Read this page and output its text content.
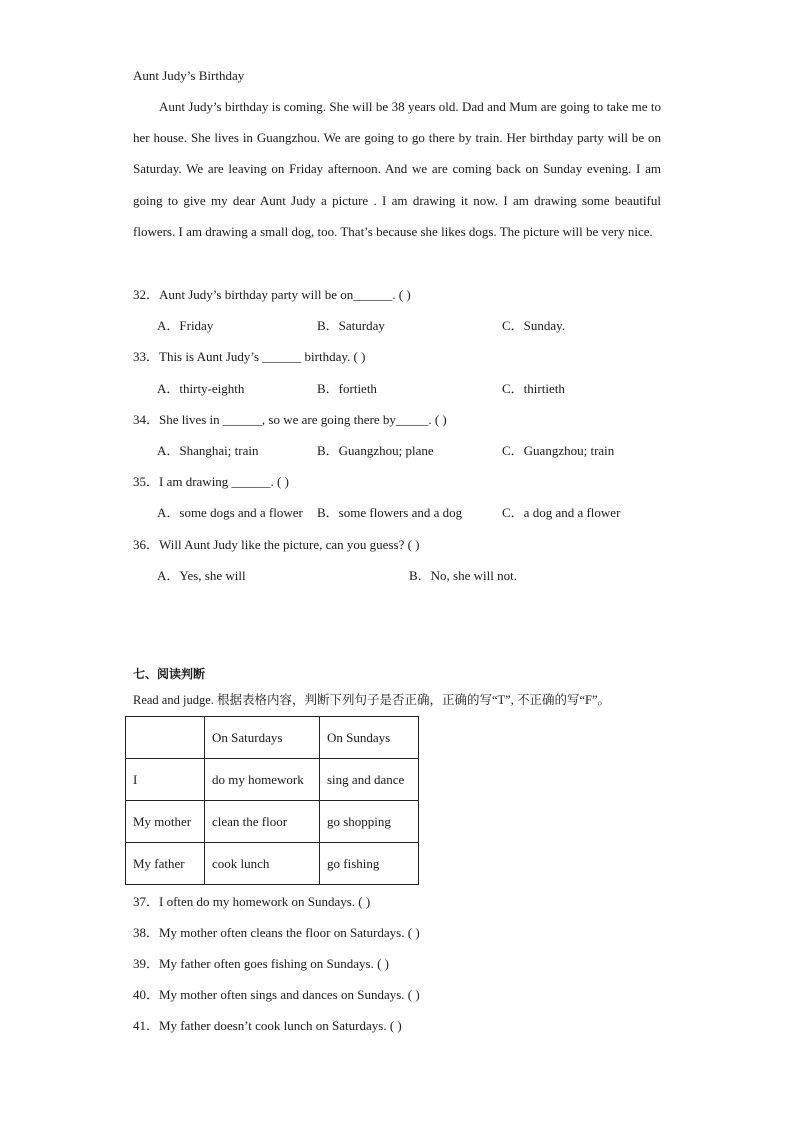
Aunt Judy’s Birthday
Aunt Judy’s birthday is coming. She will be 38 years old. Dad and Mum are going to take me to her house. She lives in Guangzhou. We are going to go there by train. Her birthday party will be on Saturday. We are leaving on Friday afternoon. And we are coming back on Sunday evening. I am going to give my dear Aunt Judy a picture . I am drawing it now. I am drawing some beautiful flowers. I am drawing a small dog, too. That’s because she likes dogs. The picture will be very nice.
32．Aunt Judy’s birthday party will be on______. ( )
A．Friday	B．Saturday	C．Sunday.
33．This is Aunt Judy’s ______ birthday. ( )
A．thirty-eighth	B．fortieth	C．thirtieth
34．She lives in ______, so we are going there by_____. ( )
A．Shanghai; train	B．Guangzhou; plane	C．Guangzhou; train
35．I am drawing ______. ( )
A．some dogs and a flower B．some flowers and a dog	C．a dog and a flower
36．Will Aunt Judy like the picture, can you guess? ( )
A．Yes, she will	B．No, she will not.
七、阅读判断
Read and judge. 根据表格内容，判断下列句子是否正确，正确的写“T”, 不正确的写“F”。
	On Saturdays	On Sundays
I	do my homework	sing and dance
My mother	clean the floor	go shopping
My father	cook lunch	go fishing
37．I often do my homework on Sundays. ( )
38．My mother often cleans the floor on Saturdays. ( )
39．My father often goes fishing on Sundays. ( )
40．My mother often sings and dances on Sundays. ( )
41．My father doesn’t cook lunch on Saturdays. ( )
